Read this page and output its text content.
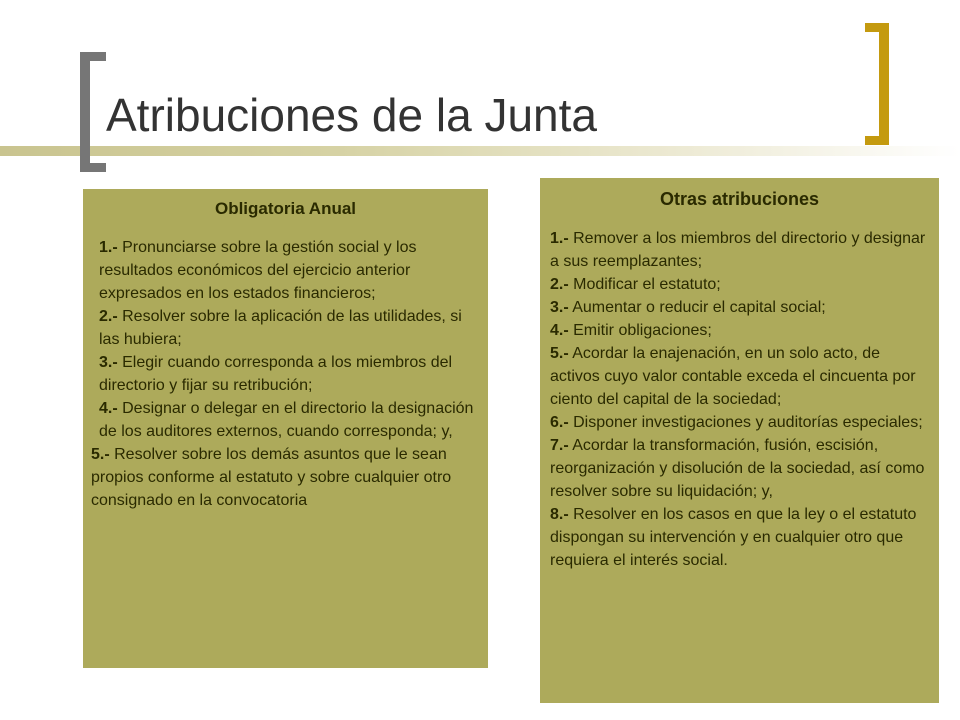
Atribuciones de la Junta
Obligatoria Anual
1.- Pronunciarse sobre la gestión social y los resultados económicos del ejercicio anterior expresados en los estados financieros;
2.- Resolver sobre la aplicación de las utilidades, si las hubiera;
3.- Elegir cuando corresponda a los miembros del directorio y fijar su retribución;
4.- Designar o delegar en el directorio la designación de los auditores externos, cuando corresponda; y,
5.- Resolver sobre los demás asuntos que le sean propios conforme al estatuto y sobre cualquier otro consignado en la convocatoria
Otras atribuciones
1.- Remover a los miembros del directorio y designar a sus reemplazantes;
2.- Modificar el estatuto;
3.- Aumentar o reducir el capital social;
4.- Emitir obligaciones;
5.- Acordar la enajenación, en un solo acto, de activos cuyo valor contable exceda el cincuenta por ciento del capital de la sociedad;
6.- Disponer investigaciones y auditorías especiales;
7.- Acordar la transformación, fusión, escisión, reorganización y disolución de la sociedad, así como resolver sobre su liquidación; y,
8.- Resolver en los casos en que la ley o el estatuto dispongan su intervención y en cualquier otro que requiera el interés social.
